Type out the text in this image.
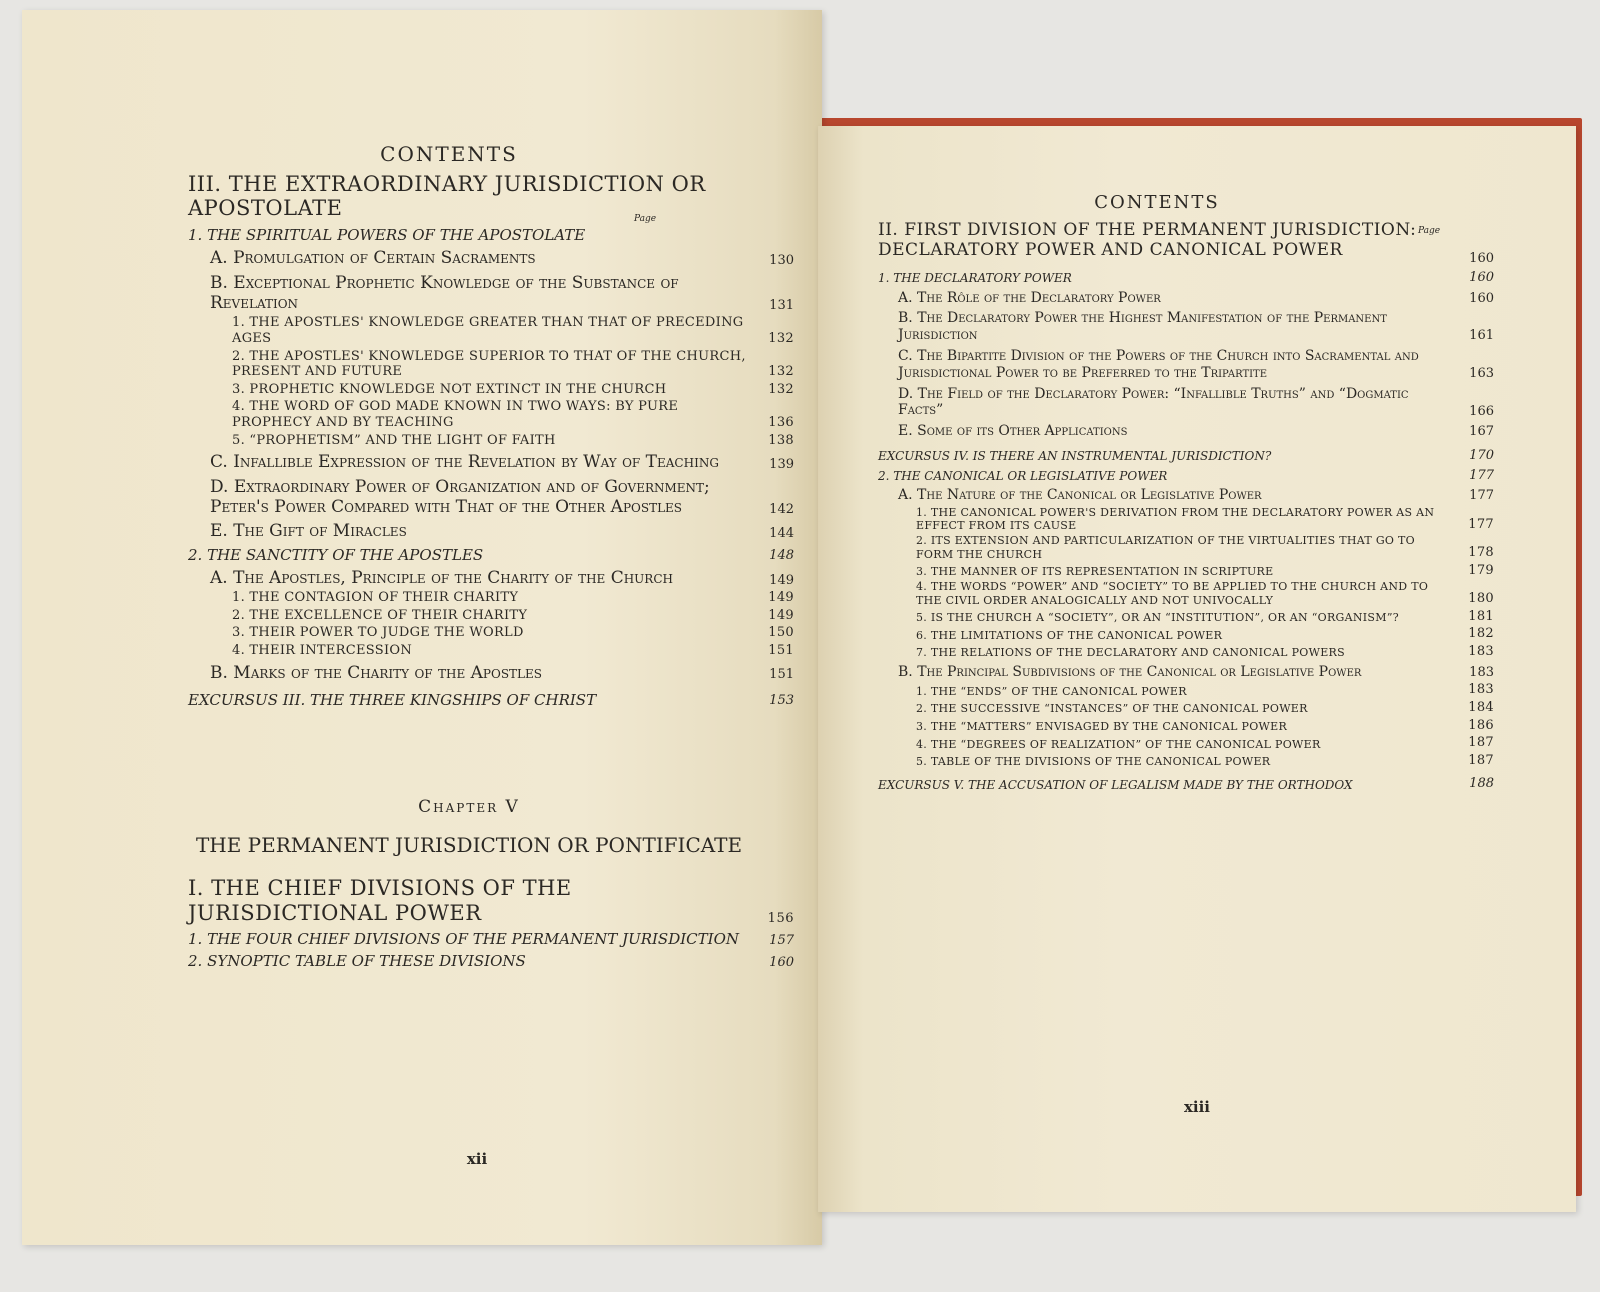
CONTENTS
III. THE EXTRAORDINARY JURISDICTION OR APOSTOLATE	Page
1. THE SPIRITUAL POWERS OF THE APOSTOLATE
A. Promulgation of Certain Sacraments	130
B. Exceptional Prophetic Knowledge of the Substance of Revelation	131
1. THE APOSTLES' KNOWLEDGE GREATER THAN THAT OF PRECEDING AGES	132
2. THE APOSTLES' KNOWLEDGE SUPERIOR TO THAT OF THE CHURCH, PRESENT AND FUTURE	132
3. PROPHETIC KNOWLEDGE NOT EXTINCT IN THE CHURCH	132
4. THE WORD OF GOD MADE KNOWN IN TWO WAYS: BY PURE PROPHECY AND BY TEACHING	136
5. “PROPHETISM” AND THE LIGHT OF FAITH	138
C. Infallible Expression of the Revelation by Way of Teaching	139
D. Extraordinary Power of Organization and of Government; Peter's Power Compared with That of the Other Apostles	142
E. The Gift of Miracles	144
2. THE SANCTITY OF THE APOSTLES	148
A. The Apostles, Principle of the Charity of the Church	149
1. THE CONTAGION OF THEIR CHARITY	149
2. THE EXCELLENCE OF THEIR CHARITY	149
3. THEIR POWER TO JUDGE THE WORLD	150
4. THEIR INTERCESSION	151
B. Marks of the Charity of the Apostles	151
EXCURSUS III. THE THREE KINGSHIPS OF CHRIST	153
Chapter V
THE PERMANENT JURISDICTION OR PONTIFICATE
I. THE CHIEF DIVISIONS OF THE JURISDICTIONAL POWER	156
1. THE FOUR CHIEF DIVISIONS OF THE PERMANENT JURISDICTION	157
2. SYNOPTIC TABLE OF THESE DIVISIONS	160
xii
CONTENTS
Page
II. FIRST DIVISION OF THE PERMANENT JURISDICTION: DECLARATORY POWER AND CANONICAL POWER	160
1. THE DECLARATORY POWER	160
A. The Rôle of the Declaratory Power	160
B. The Declaratory Power the Highest Manifestation of the Permanent Jurisdiction	161
C. The Bipartite Division of the Powers of the Church into Sacramental and Jurisdictional Power to be Preferred to the Tripartite	163
D. The Field of the Declaratory Power: “Infallible Truths” and “Dogmatic Facts”	166
E. Some of its Other Applications	167
EXCURSUS IV. IS THERE AN INSTRUMENTAL JURISDICTION?	170
2. THE CANONICAL OR LEGISLATIVE POWER	177
A. The Nature of the Canonical or Legislative Power	177
1. THE CANONICAL POWER'S DERIVATION FROM THE DECLARATORY POWER AS AN EFFECT FROM ITS CAUSE	177
2. ITS EXTENSION AND PARTICULARIZATION OF THE VIRTUALITIES THAT GO TO FORM THE CHURCH	178
3. THE MANNER OF ITS REPRESENTATION IN SCRIPTURE	179
4. THE WORDS “POWER” AND “SOCIETY” TO BE APPLIED TO THE CHURCH AND TO THE CIVIL ORDER ANALOGICALLY AND NOT UNIVOCALLY	180
5. IS THE CHURCH A “SOCIETY”, OR AN “INSTITUTION”, OR AN “ORGANISM”?	181
6. THE LIMITATIONS OF THE CANONICAL POWER	182
7. THE RELATIONS OF THE DECLARATORY AND CANONICAL POWERS	183
B. The Principal Subdivisions of the Canonical or Legislative Power	183
1. THE “ENDS” OF THE CANONICAL POWER	183
2. THE SUCCESSIVE “INSTANCES” OF THE CANONICAL POWER	184
3. THE “MATTERS” ENVISAGED BY THE CANONICAL POWER	186
4. THE “DEGREES OF REALIZATION” OF THE CANONICAL POWER	187
5. TABLE OF THE DIVISIONS OF THE CANONICAL POWER	187
EXCURSUS V. THE ACCUSATION OF LEGALISM MADE BY THE ORTHODOX	188
xiii
